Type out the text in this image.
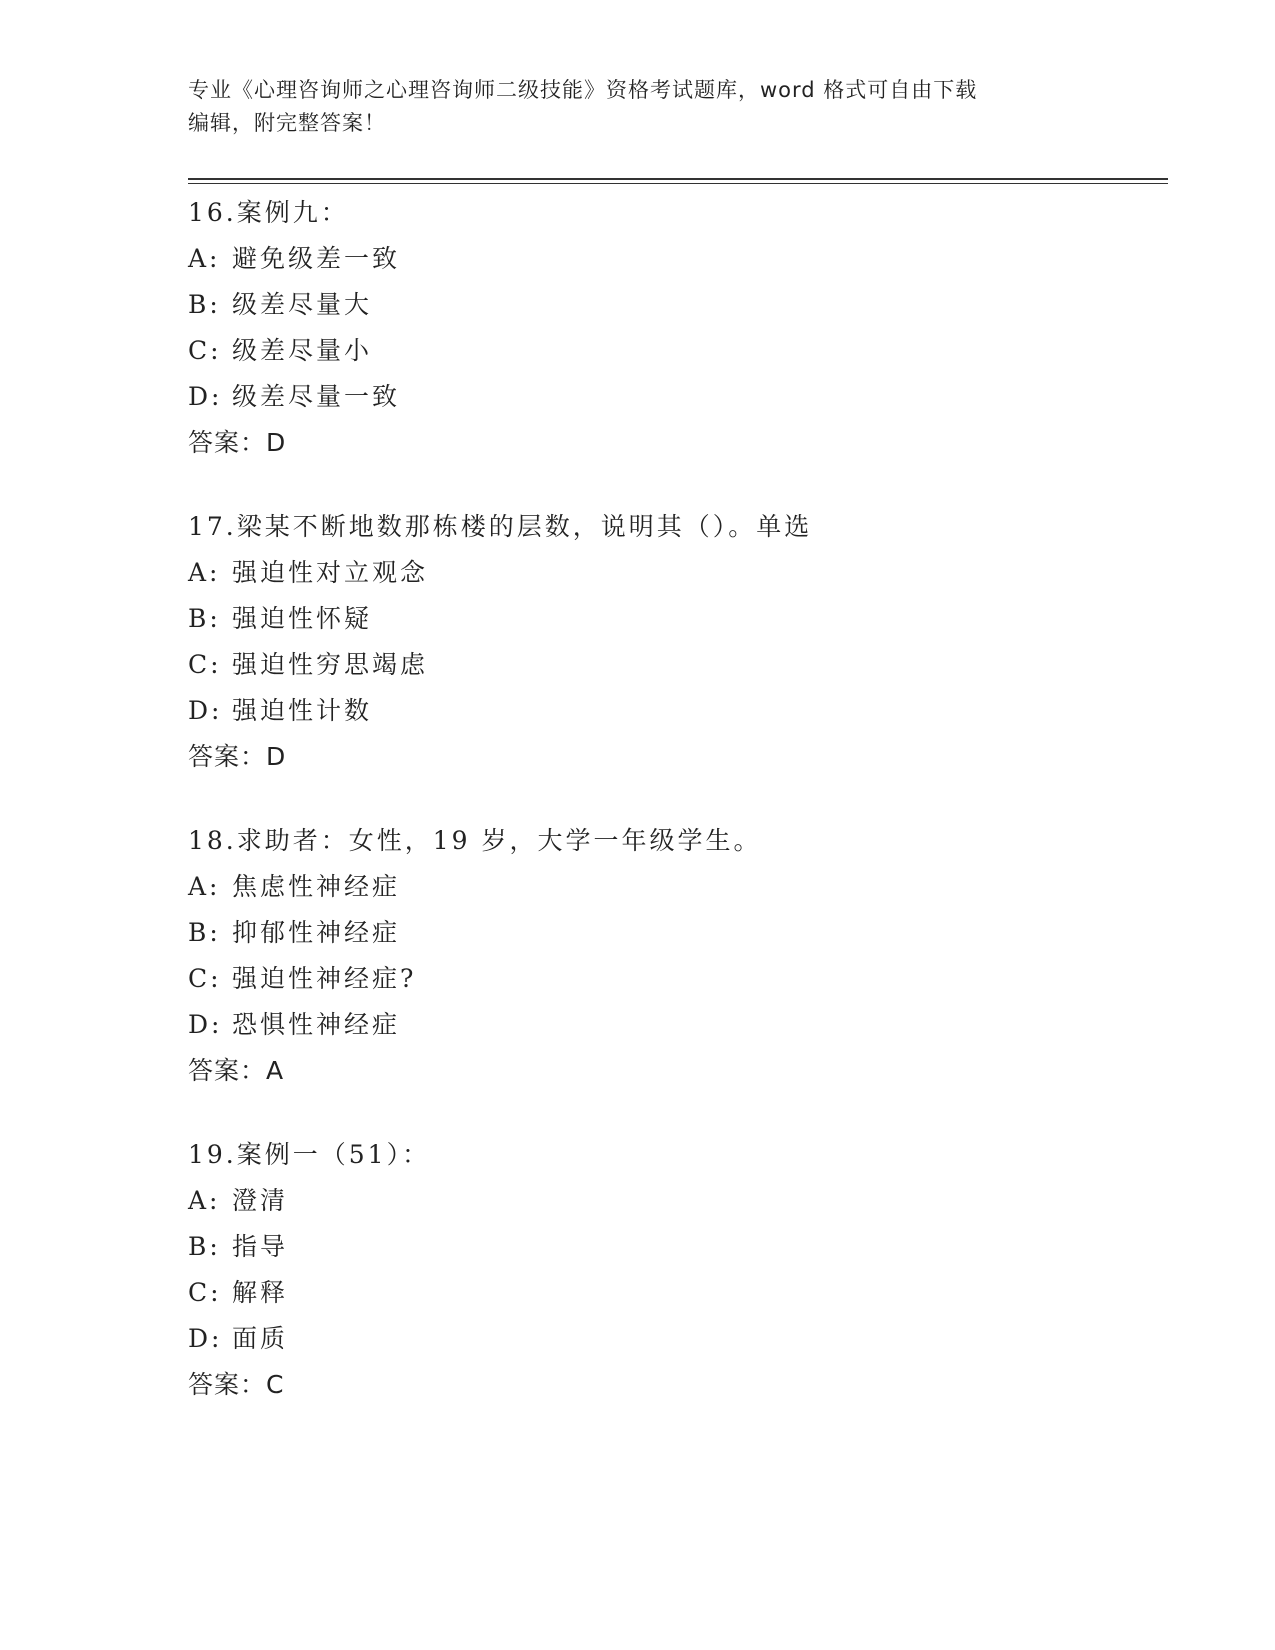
专业《心理咨询师之心理咨询师二级技能》资格考试题库，word 格式可自由下载
编辑，附完整答案！
16.案例九：
A: 避免级差一致
B: 级差尽量大
C: 级差尽量小
D: 级差尽量一致
答案：D
17.梁某不断地数那栋楼的层数，说明其（）。单选
A: 强迫性对立观念
B: 强迫性怀疑
C: 强迫性穷思竭虑
D: 强迫性计数
答案：D
18.求助者：女性，19 岁，大学一年级学生。
A: 焦虑性神经症
B: 抑郁性神经症
C: 强迫性神经症?
D: 恐惧性神经症
答案：A
19.案例一（51）：
A: 澄清
B: 指导
C: 解释
D: 面质
答案：C
